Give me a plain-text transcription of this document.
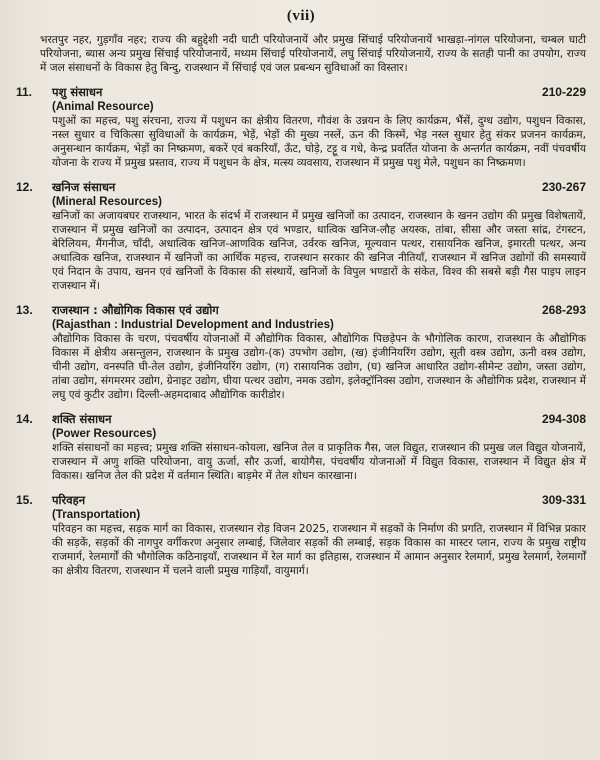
(vii)
भरतपुर नहर, गुड़गाँव नहर; राज्य की बहुद्देशी नदी घाटी परियोजनायें और प्रमुख सिंचाई परियोजनायें भाखड़ा-नांगल परियोजना, चम्बल घाटी परियोजना, ब्यास अन्य प्रमुख सिंचाई परियोजनायें, मध्यम सिंचाई परियोजनायें, लघु सिंचाई परियोजनायें, राज्य के सतही पानी का उपयोग, राज्य में जल संसाधनों के विकास हेतु बिन्दु, राजस्थान में सिंचाई एवं जल प्रबन्धन सुविधाओं का विस्तार।
11.	पशु संसाधन	210-229
(Animal Resource)
पशुओं का महत्त्व, पशु संरचना, राज्य में पशुधन का क्षेत्रीय वितरण, गौवंश के उन्नयन के लिए कार्यक्रम, भैंसें, दुग्ध उद्योग, पशुधन विकास, नस्ल सुधार व चिकित्सा सुविधाओं के कार्यक्रम, भेड़ें, भेड़ों की मुख्य नस्लें, ऊन की किस्में, भेड़ नस्ल सुधार हेतु संकर प्रजनन कार्यक्रम, अनुसन्धान कार्यक्रम, भेड़ों का निष्क्रमण, बकरें एवं बकरियाँ, ऊँट, घोड़े, टट्टू व गधे, केन्द्र प्रवर्तित योजना के अन्तर्गत कार्यक्रम, नवीं पंचवर्षीय योजना के राज्य में प्रमुख प्रस्ताव, राज्य में पशुधन के क्षेत्र, मत्स्य व्यवसाय, राजस्थान में प्रमुख पशु मेले, पशुधन का निष्क्रमण।
12.	खनिज संसाधन	230-267
(Mineral Resources)
खनिजों का अजायबघर राजस्थान, भारत के संदर्भ में राजस्थान में प्रमुख खनिजों का उत्पादन, राजस्थान के खनन उद्योग की प्रमुख विशेषतायें, राजस्थान में प्रमुख खनिजों का उत्पादन, उत्पादन क्षेत्र एवं भण्डार, धात्विक खनिज-लौह अयस्क, तांबा, सीसा और जस्ता सांद्र, टंगस्टन, बेरिलियम, मैंगनीज, चाँदी, अधात्विक खनिज-आणविक खनिज, उर्वरक खनिज, मूल्यवान पत्थर, रासायनिक खनिज, इमारती पत्थर, अन्य अधात्विक खनिज, राजस्थान में खनिजों का आर्थिक महत्त्व, राजस्थान सरकार की खनिज नीतियाँ, राजस्थान में खनिज उद्योगों की समस्यायें एवं निदान के उपाय, खनन एवं खनिजों के विकास की संस्थायें, खनिजों के विपुल भण्डारों के संकेत, विश्व की सबसे बड़ी गैस पाइप लाइन राजस्थान में।
13.	राजस्थान : औद्योगिक विकास एवं उद्योग	268-293
(Rajasthan : Industrial Development and Industries)
औद्योगिक विकास के चरण, पंचवर्षीय योजनाओं में औद्योगिक विकास, औद्योगिक पिछड़ेपन के भौगोलिक कारण, राजस्थान के औद्योगिक विकास में क्षेत्रीय असन्तुलन, राजस्थान के प्रमुख उद्योग-(क) उपभोग उद्योग, (ख) इंजीनियरिंग उद्योग, सूती वस्त्र उद्योग, ऊनी वस्त्र उद्योग, चीनी उद्योग, वनस्पति घी-तेल उद्योग, इंजीनियरिंग उद्योग, (ग) रासायनिक उद्योग, (घ) खनिज आधारित उद्योग-सीमेन्ट उद्योग, जस्ता उद्योग, तांबा उद्योग, संगमरमर उद्योग, ग्रेनाइट उद्योग, घीया पत्थर उद्योग, नमक उद्योग, इलेक्ट्रॉनिक्स उद्योग, राजस्थान के औद्योगिक प्रदेश, राजस्थान में लघु एवं कुटीर उद्योग। दिल्ली-अहमदाबाद औद्योगिक कारीडोर।
14.	शक्ति संसाधन	294-308
(Power Resources)
शक्ति संसाधनों का महत्त्व; प्रमुख शक्ति संसाधन-कोयला, खनिज तेल व प्राकृतिक गैस, जल विद्युत, राजस्थान की प्रमुख जल विद्युत योजनायें, राजस्थान में अणु शक्ति परियोजना, वायु ऊर्जा, सौर ऊर्जा, बायोगैस, पंचवर्षीय योजनाओं में विद्युत विकास, राजस्थान में विद्युत क्षेत्र में विकास। खनिज तेल की प्रदेश में वर्तमान स्थिति। बाड़मेर में तेल शोधन कारखाना।
15.	परिवहन	309-331
(Transportation)
परिवहन का महत्त्व, सड़क मार्ग का विकास, राजस्थान रोड़ विजन 2025, राजस्थान में सड़कों के निर्माण की प्रगति, राजस्थान में विभिन्न प्रकार की सड़कें, सड़कों की नागपुर वर्गीकरण अनुसार लम्बाई, जिलेवार सड़कों की लम्बाई, सड़क विकास का मास्टर प्लान, राज्य के प्रमुख राष्ट्रीय राजमार्ग, रेलमार्गों की भौगोलिक कठिनाइयाँ, राजस्थान में रेल मार्ग का इतिहास, राजस्थान में आमान अनुसार रेलमार्ग, प्रमुख रेलमार्ग, रेलमार्गों का क्षेत्रीय वितरण, राजस्थान में चलने वाली प्रमुख गाड़ियाँ, वायुमार्ग।
